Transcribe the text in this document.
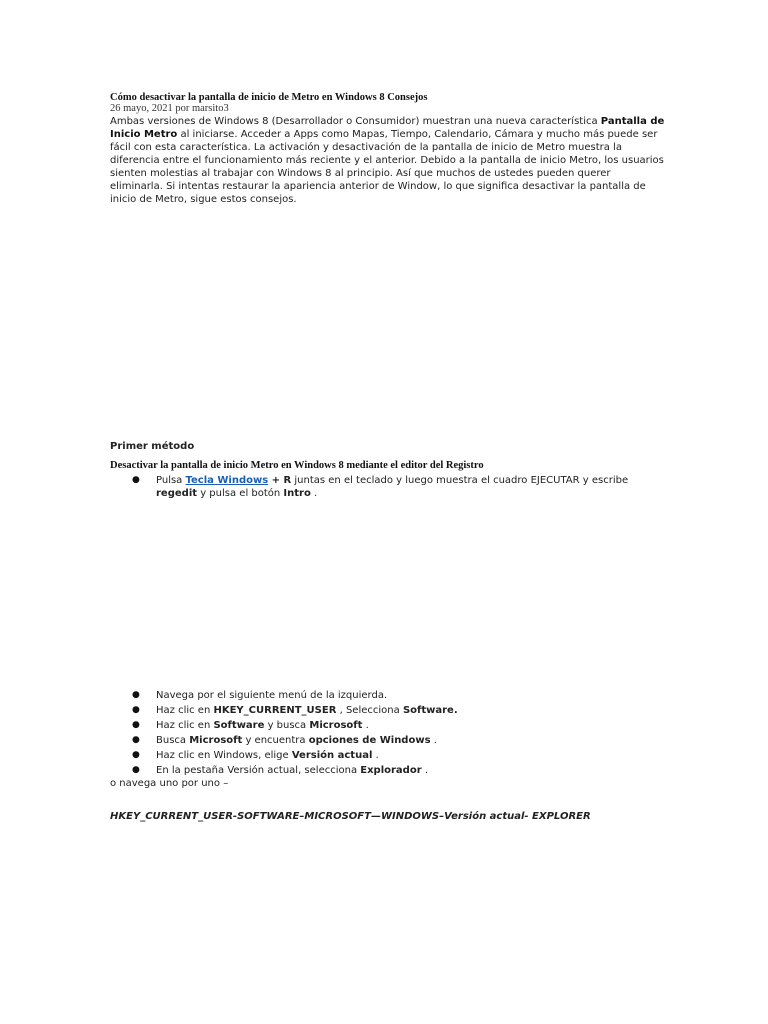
Cómo desactivar la pantalla de inicio de Metro en Windows 8 Consejos
26 mayo, 2021 por marsito3
Ambas versiones de Windows 8 (Desarrollador o Consumidor) muestran una nueva característica Pantalla de Inicio Metro al iniciarse. Acceder a Apps como Mapas, Tiempo, Calendario, Cámara y mucho más puede ser fácil con esta característica. La activación y desactivación de la pantalla de inicio de Metro muestra la diferencia entre el funcionamiento más reciente y el anterior. Debido a la pantalla de inicio Metro, los usuarios sienten molestias al trabajar con Windows 8 al principio. Así que muchos de ustedes pueden querer eliminarla. Si intentas restaurar la apariencia anterior de Window, lo que significa desactivar la pantalla de inicio de Metro, sigue estos consejos.
Primer método
Desactivar la pantalla de inicio Metro en Windows 8 mediante el editor del Registro
● Pulsa Tecla Windows + R juntas en el teclado y luego muestra el cuadro EJECUTAR y escribe regedit y pulsa el botón Intro .
● Navega por el siguiente menú de la izquierda.
● Haz clic en HKEY_CURRENT_USER , Selecciona Software.
● Haz clic en Software y busca Microsoft .
● Busca Microsoft y encuentra opciones de Windows .
● Haz clic en Windows, elige Versión actual .
● En la pestaña Versión actual, selecciona Explorador .
o navega uno por uno –
HKEY_CURRENT_USER-SOFTWARE–MICROSOFT—WINDOWS–Versión actual- EXPLORER
